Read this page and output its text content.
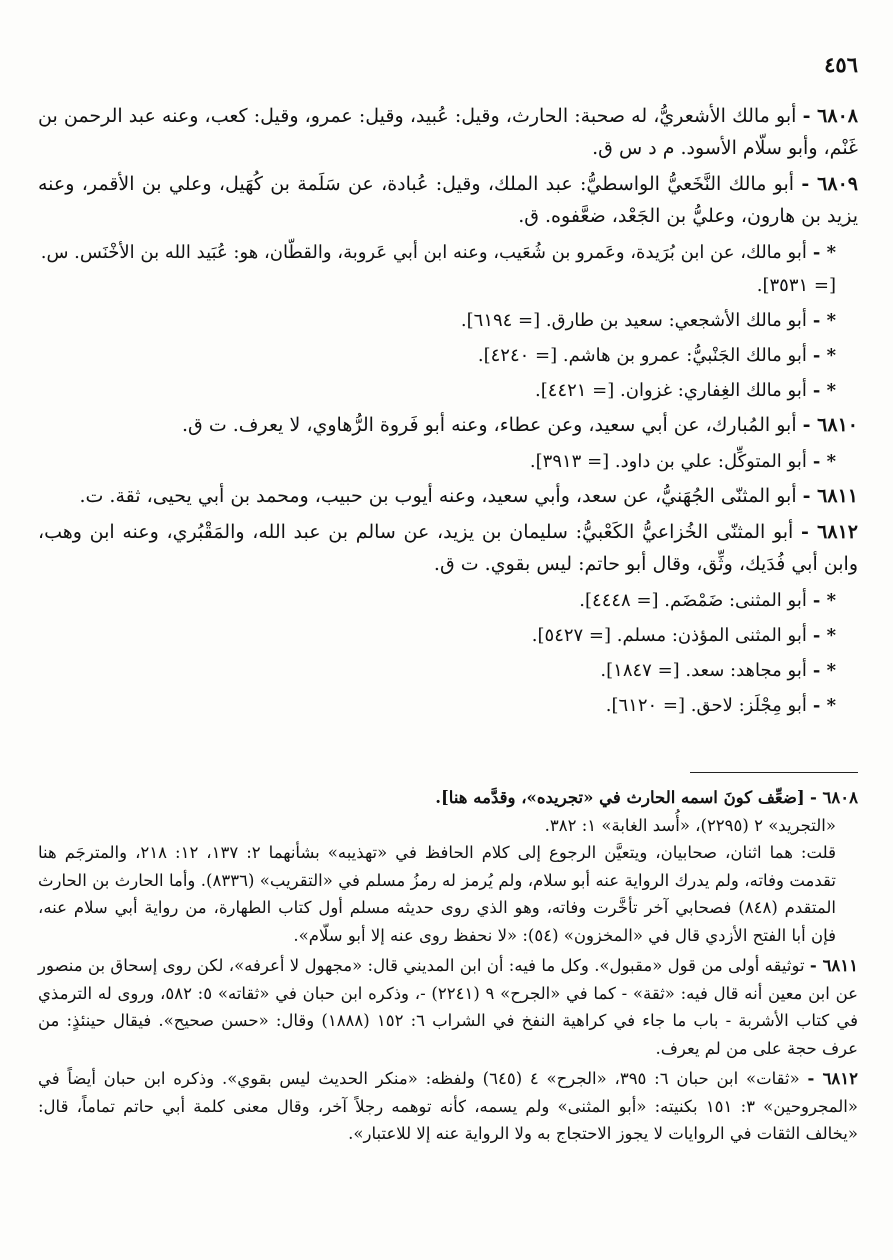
٤٥٦
٦٨٠٨ - أبو مالك الأشعريُّ، له صحبة: الحارث، وقيل: عُبيد، وقيل: عمرو، وقيل: كعب، وعنه عبد الرحمن بن غَنْم، وأبو سلّام الأسود. م د س ق.
٦٨٠٩ - أبو مالك النَّخَعيُّ الواسطيُّ: عبد الملك، وقيل: عُبادة، عن سَلَمة بن كُهَيل، وعلي بن الأقمر، وعنه يزيد بن هارون، وعليُّ بن الجَعْد، ضعَّفوه. ق.
* -أبو مالك، عن ابن بُرَيدة، وعَمرو بن شُعَيب، وعنه ابن أبي عَروبة، والقطّان، هو: عُبَيد الله بن الأخْنَس. س. [= ٣٥٣١].
* -أبو مالك الأشجعي: سعيد بن طارق. [= ٦١٩٤].
* -أبو مالك الجَنْبيُّ: عمرو بن هاشم. [= ٤٢٤٠].
* -أبو مالك الغِفاري: غزوان. [= ٤٤٢١].
٦٨١٠ - أبو المُبارك، عن أبي سعيد، وعن عطاء، وعنه أبو فَروة الرُّهاوي، لا يعرف. ت ق.
* -أبو المتوكِّل: علي بن داود. [= ٣٩١٣].
٦٨١١ - أبو المثنّى الجُهَنيُّ، عن سعد، وأبي سعيد، وعنه أيوب بن حبيب، ومحمد بن أبي يحيى، ثقة. ت.
٦٨١٢ - أبو المثنّى الخُزاعيُّ الكَعْبيُّ: سليمان بن يزيد، عن سالم بن عبد الله، والمَقْبُري، وعنه ابن وهب، وابن أبي فُدَيك، وثِّق، وقال أبو حاتم: ليس بقوي. ت ق.
* -أبو المثنى: ضَمْضَم. [= ٤٤٤٨].
* -أبو المثنى المؤذن: مسلم. [= ٥٤٢٧].
* -أبو مجاهد: سعد. [= ١٨٤٧].
* -أبو مِجْلَز: لاحق. [= ٦١٢٠].
٦٨٠٨ - [ضعِّف كونَ اسمه الحارث في «تجريده»، وقدَّمه هنا].
«التجريد» ٢ (٢٢٩٥)، «أُسد الغابة» ١: ٣٨٢.
قلت: هما اثنان، صحابيان، ويتعيَّن الرجوع إلى كلام الحافظ في «تهذيبه» بشأنهما ٢: ١٣٧، ١٢: ٢١٨، والمترجَم هنا تقدمت وفاته، ولم يدرك الرواية عنه أبو سلام، ولم يُرمز له رمزُ مسلم في «التقريب» (٨٣٣٦). وأما الحارث بن الحارث المتقدم (٨٤٨) فصحابي آخر تأخَّرت وفاته، وهو الذي روى حديثه مسلم أول كتاب الطهارة، من رواية أبي سلام عنه، فإن أبا الفتح الأزدي قال في «المخزون» (٥٤): «لا نحفظ روى عنه إلا أبو سلّام».
٦٨١١ - توثيقه أولى من قول «مقبول». وكل ما فيه: أن ابن المديني قال: «مجهول لا أعرفه»، لكن روى إسحاق بن منصور عن ابن معين أنه قال فيه: «ثقة» - كما في «الجرح» ٩ (٢٢٤١) -، وذكره ابن حبان في «ثقاته» ٥: ٥٨٢، وروى له الترمذي في كتاب الأشربة - باب ما جاء في كراهية النفخ في الشراب ٦: ١٥٢ (١٨٨٨) وقال: «حسن صحيح». فيقال حينئذٍ: من عرف حجة على من لم يعرف.
٦٨١٢ - «ثقات» ابن حبان ٦: ٣٩٥، «الجرح» ٤ (٦٤٥) ولفظه: «منكر الحديث ليس بقوي». وذكره ابن حبان أيضاً في «المجروحين» ٣: ١٥١ بكنيته: «أبو المثنى» ولم يسمه، كأنه توهمه رجلاً آخر، وقال معنى كلمة أبي حاتم تماماً، قال: «يخالف الثقات في الروايات لا يجوز الاحتجاج به ولا الرواية عنه إلا للاعتبار».
